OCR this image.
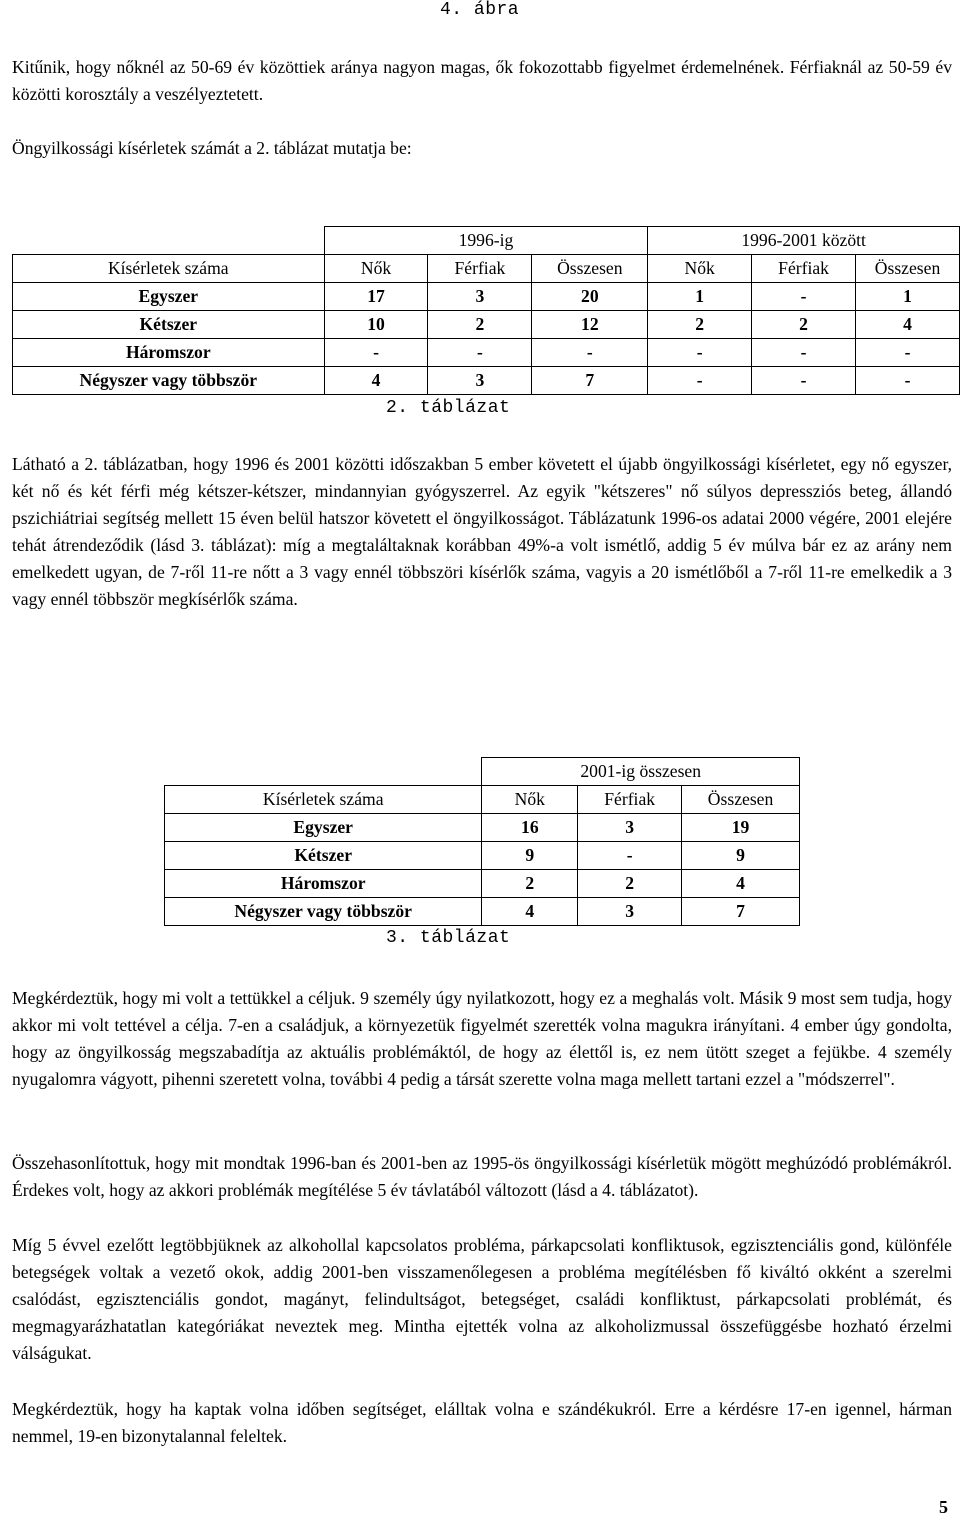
4. ábra

Kitűnik, hogy nőknél az 50-69 év közöttiek aránya nagyon magas, ők fokozottabb figyelmet érdemelnének. Férfiaknál az 50-59 év közötti korosztály a veszélyeztetett.

Öngyilkossági kísérletek számát a 2. táblázat mutatja be:

	1996-ig			1996-2001 között		
Kísérletek száma	Nők	Férfiak	Összesen	Nők	Férfiak	Összesen
Egyszer	17	3	20	1	-	1
Kétszer	10	2	12	2	2	4
Háromszor	-	-	-	-	-	-
Négyszer vagy többször	4	3	7	-	-	-
2. táblázat

Látható a 2. táblázatban, hogy 1996 és 2001 közötti időszakban 5 ember követett el újabb öngyilkossági kísérletet, egy nő egyszer, két nő és két férfi még kétszer-kétszer, mindannyian gyógyszerrel. Az egyik "kétszeres" nő súlyos depressziós beteg, állandó pszichiátriai segítség mellett 15 éven belül hatszor követett el öngyilkosságot. Táblázatunk 1996-os adatai 2000 végére, 2001 elejére tehát átrendeződik (lásd 3. táblázat): míg a megtaláltaknak korábban 49%-a volt ismétlő, addig 5 év múlva bár ez az arány nem emelkedett ugyan, de 7-ről 11-re nőtt a 3 vagy ennél többszöri kísérlők száma, vagyis a 20 ismétlőből a 7-ről 11-re emelkedik a 3 vagy ennél többször megkísérlők száma.

	2001-ig összesen		
Kísérletek száma	Nők	Férfiak	Összesen
Egyszer	16	3	19
Kétszer	9	-	9
Háromszor	2	2	4
Négyszer vagy többször	4	3	7
3. táblázat

Megkérdeztük, hogy mi volt a tettükkel a céljuk. 9 személy úgy nyilatkozott, hogy ez a meghalás volt. Másik 9 most sem tudja, hogy akkor mi volt tettével a célja. 7-en a családjuk, a környezetük figyelmét szerették volna magukra irányítani. 4 ember úgy gondolta, hogy az öngyilkosság megszabadítja az aktuális problémáktól, de hogy az élettől is, ez nem ütött szeget a fejükbe. 4 személy nyugalomra vágyott, pihenni szeretett volna, további 4 pedig a társát szerette volna maga mellett tartani ezzel a "módszerrel".

Összehasonlítottuk, hogy mit mondtak 1996-ban és 2001-ben az 1995-ös öngyilkossági kísérletük mögött meghúzódó problémákról. Érdekes volt, hogy az akkori problémák megítélése 5 év távlatából változott (lásd a 4. táblázatot).

Míg 5 évvel ezelőtt legtöbbjüknek az alkohollal kapcsolatos probléma, párkapcsolati konfliktusok, egzisztenciális gond, különféle betegségek voltak a vezető okok, addig 2001-ben visszamenőlegesen a probléma megítélésben fő kiváltó okként a szerelmi csalódást, egzisztenciális gondot, magányt, felindultságot, betegséget, családi konfliktust, párkapcsolati problémát, és megmagyarázhatatlan kategóriákat neveztek meg. Mintha ejtették volna az alkoholizmussal összefüggésbe hozható érzelmi válságukat.

Megkérdeztük, hogy ha kaptak volna időben segítséget, elálltak volna e szándékukról. Erre a kérdésre 17-en igennel, hárman nemmel, 19-en bizonytalannal feleltek.

5
